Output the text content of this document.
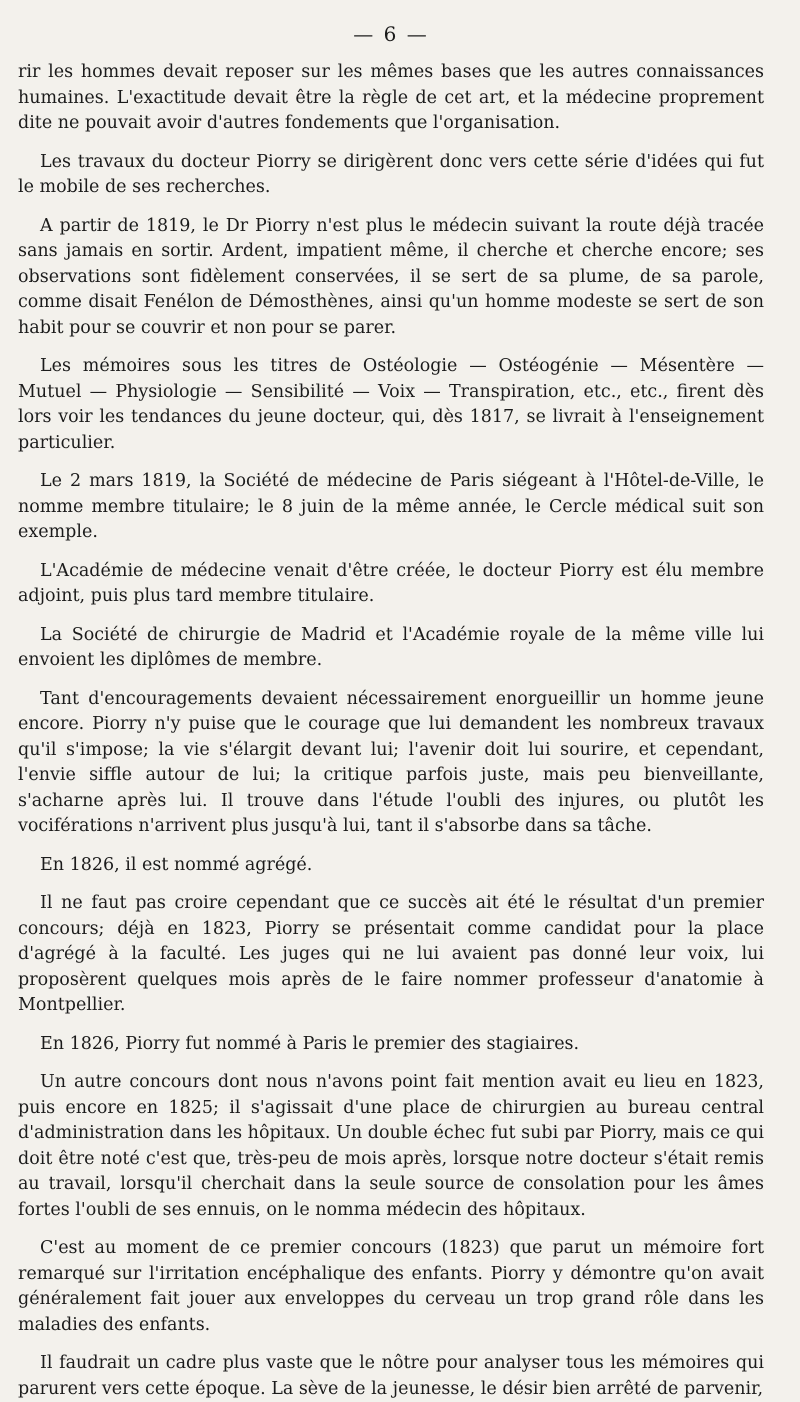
— 6 —

rir les hommes devait reposer sur les mêmes bases que les autres connaissances humaines. L'exactitude devait être la règle de cet art, et la médecine proprement dite ne pouvait avoir d'autres fondements que l'organisation.

Les travaux du docteur Piorry se dirigèrent donc vers cette série d'idées qui fut le mobile de ses recherches.

A partir de 1819, le Dr Piorry n'est plus le médecin suivant la route déjà tracée sans jamais en sortir. Ardent, impatient même, il cherche et cherche encore; ses observations sont fidèlement conservées, il se sert de sa plume, de sa parole, comme disait Fenélon de Démosthènes, ainsi qu'un homme modeste se sert de son habit pour se couvrir et non pour se parer.

Les mémoires sous les titres de Ostéologie — Ostéogénie — Mésentère — Mutuel — Physiologie — Sensibilité — Voix — Transpiration, etc., etc., firent dès lors voir les tendances du jeune docteur, qui, dès 1817, se livrait à l'enseignement particulier.

Le 2 mars 1819, la Société de médecine de Paris siégeant à l'Hôtel-de-Ville, le nomme membre titulaire; le 8 juin de la même année, le Cercle médical suit son exemple.

L'Académie de médecine venait d'être créée, le docteur Piorry est élu membre adjoint, puis plus tard membre titulaire.

La Société de chirurgie de Madrid et l'Académie royale de la même ville lui envoient les diplômes de membre.

Tant d'encouragements devaient nécessairement enorgueillir un homme jeune encore. Piorry n'y puise que le courage que lui demandent les nombreux travaux qu'il s'impose; la vie s'élargit devant lui; l'avenir doit lui sourire, et cependant, l'envie siffle autour de lui; la critique parfois juste, mais peu bienveillante, s'acharne après lui. Il trouve dans l'étude l'oubli des injures, ou plutôt les vociférations n'arrivent plus jusqu'à lui, tant il s'absorbe dans sa tâche.

En 1826, il est nommé agrégé.

Il ne faut pas croire cependant que ce succès ait été le résultat d'un premier concours; déjà en 1823, Piorry se présentait comme candidat pour la place d'agrégé à la faculté. Les juges qui ne lui avaient pas donné leur voix, lui proposèrent quelques mois après de le faire nommer professeur d'anatomie à Montpellier.

En 1826, Piorry fut nommé à Paris le premier des stagiaires.

Un autre concours dont nous n'avons point fait mention avait eu lieu en 1823, puis encore en 1825; il s'agissait d'une place de chirurgien au bureau central d'administration dans les hôpitaux. Un double échec fut subi par Piorry, mais ce qui doit être noté c'est que, très-peu de mois après, lorsque notre docteur s'était remis au travail, lorsqu'il cherchait dans la seule source de consolation pour les âmes fortes l'oubli de ses ennuis, on le nomma médecin des hôpitaux.

C'est au moment de ce premier concours (1823) que parut un mémoire fort remarqué sur l'irritation encéphalique des enfants. Piorry y démontre qu'on avait généralement fait jouer aux enveloppes du cerveau un trop grand rôle dans les maladies des enfants.

Il faudrait un cadre plus vaste que le nôtre pour analyser tous les mémoires qui parurent vers cette époque. La sève de la jeunesse, le désir bien arrêté de parvenir,
